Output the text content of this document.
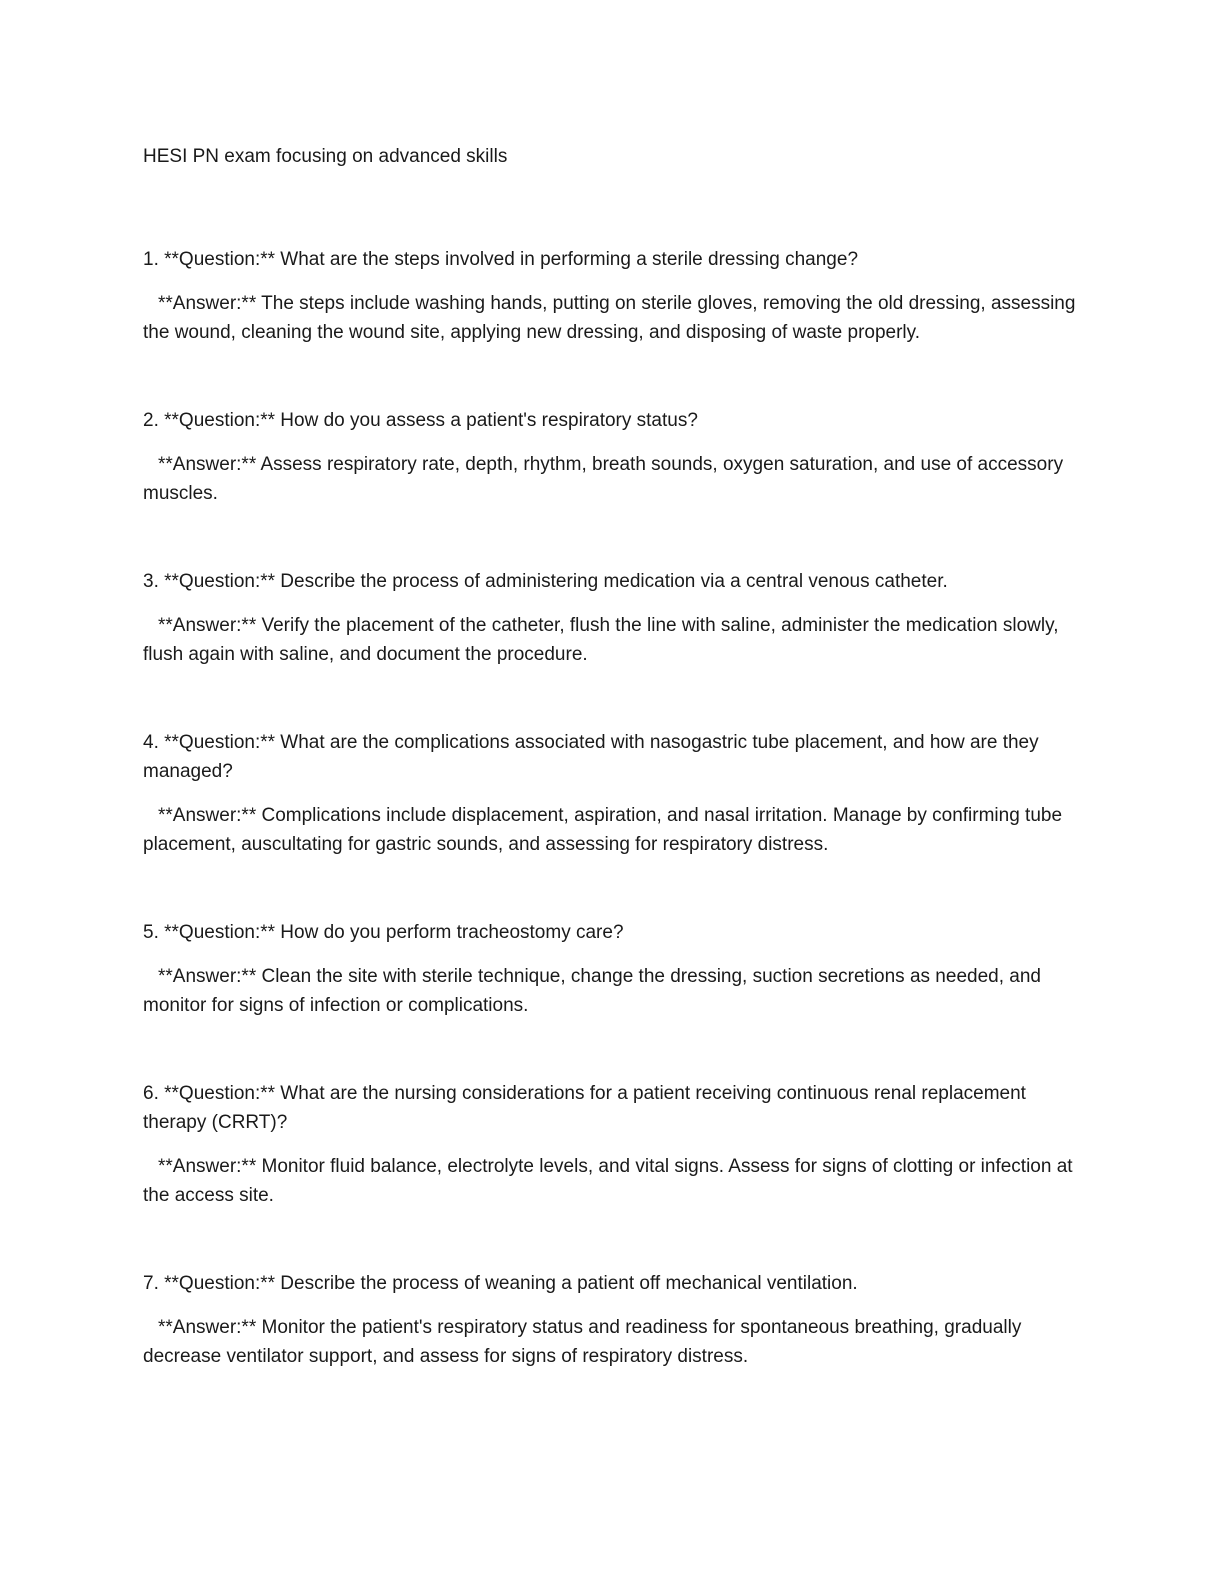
HESI PN exam focusing on advanced skills
1. **Question:** What are the steps involved in performing a sterile dressing change?
**Answer:** The steps include washing hands, putting on sterile gloves, removing the old dressing, assessing the wound, cleaning the wound site, applying new dressing, and disposing of waste properly.
2. **Question:** How do you assess a patient's respiratory status?
**Answer:** Assess respiratory rate, depth, rhythm, breath sounds, oxygen saturation, and use of accessory muscles.
3. **Question:** Describe the process of administering medication via a central venous catheter.
**Answer:** Verify the placement of the catheter, flush the line with saline, administer the medication slowly, flush again with saline, and document the procedure.
4. **Question:** What are the complications associated with nasogastric tube placement, and how are they managed?
**Answer:** Complications include displacement, aspiration, and nasal irritation. Manage by confirming tube placement, auscultating for gastric sounds, and assessing for respiratory distress.
5. **Question:** How do you perform tracheostomy care?
**Answer:** Clean the site with sterile technique, change the dressing, suction secretions as needed, and monitor for signs of infection or complications.
6. **Question:** What are the nursing considerations for a patient receiving continuous renal replacement therapy (CRRT)?
**Answer:** Monitor fluid balance, electrolyte levels, and vital signs. Assess for signs of clotting or infection at the access site.
7. **Question:** Describe the process of weaning a patient off mechanical ventilation.
**Answer:** Monitor the patient's respiratory status and readiness for spontaneous breathing, gradually decrease ventilator support, and assess for signs of respiratory distress.
